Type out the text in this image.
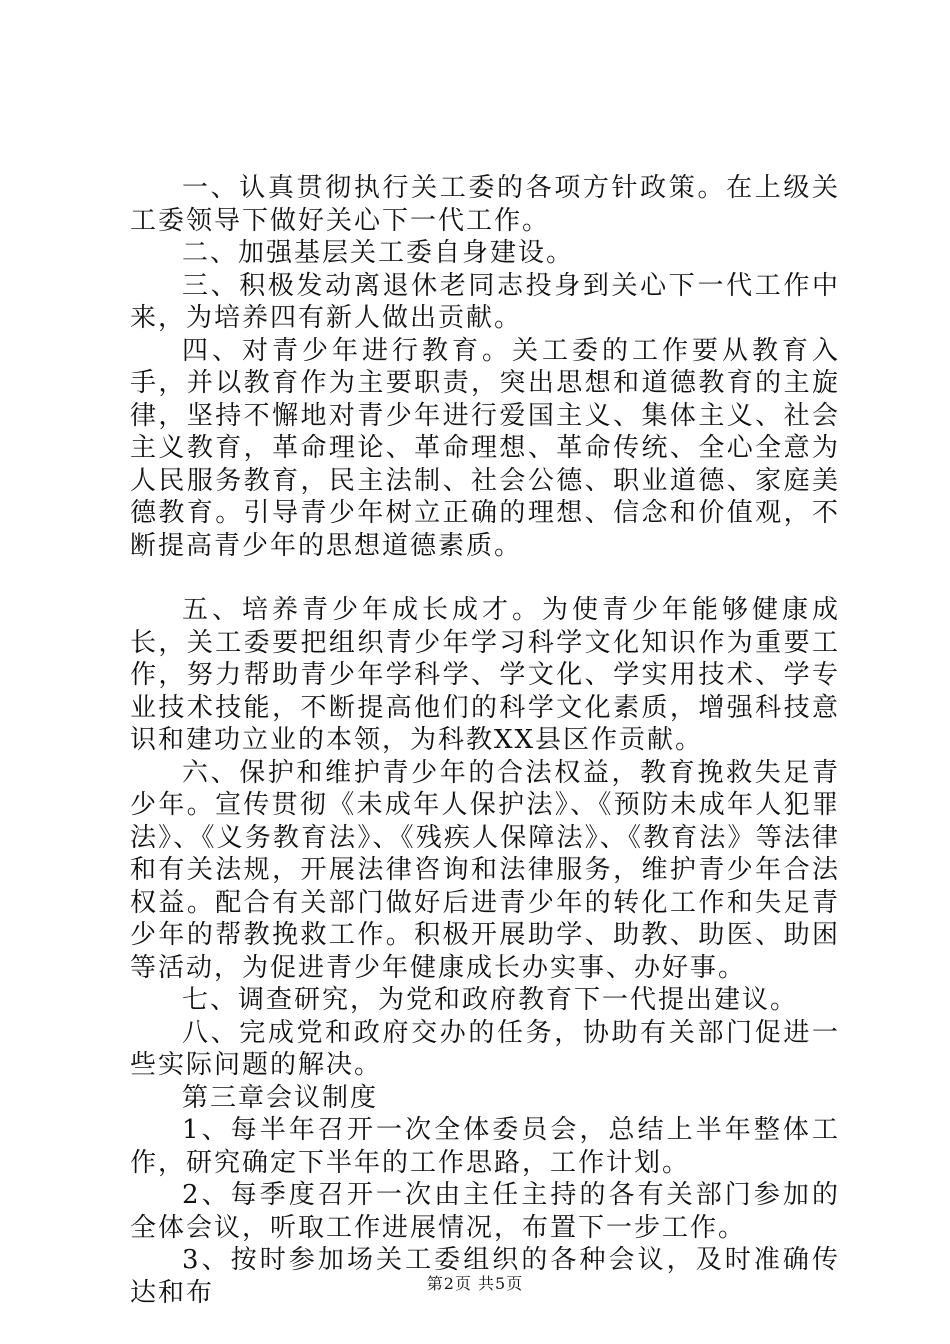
一、认真贯彻执行关工委的各项方针政策。在上级关工委领导下做好关心下一代工作。

二、加强基层关工委自身建设。

三、积极发动离退休老同志投身到关心下一代工作中来，为培养四有新人做出贡献。

四、对青少年进行教育。关工委的工作要从教育入手，并以教育作为主要职责，突出思想和道德教育的主旋律，坚持不懈地对青少年进行爱国主义、集体主义、社会主义教育，革命理论、革命理想、革命传统、全心全意为人民服务教育，民主法制、社会公德、职业道德、家庭美德教育。引导青少年树立正确的理想、信念和价值观，不断提高青少年的思想道德素质。

五、培养青少年成长成才。为使青少年能够健康成长，关工委要把组织青少年学习科学文化知识作为重要工作，努力帮助青少年学科学、学文化、学实用技术、学专业技术技能，不断提高他们的科学文化素质，增强科技意识和建功立业的本领，为科教XX县区作贡献。

六、保护和维护青少年的合法权益，教育挽救失足青少年。宣传贯彻《未成年人保护法》、《预防未成年人犯罪法》、《义务教育法》、《残疾人保障法》、《教育法》等法律和有关法规，开展法律咨询和法律服务，维护青少年合法权益。配合有关部门做好后进青少年的转化工作和失足青少年的帮教挽救工作。积极开展助学、助教、助医、助困等活动，为促进青少年健康成长办实事、办好事。

七、调查研究，为党和政府教育下一代提出建议。

八、完成党和政府交办的任务，协助有关部门促进一些实际问题的解决。

第三章会议制度

1、每半年召开一次全体委员会，总结上半年整体工作，研究确定下半年的工作思路，工作计划。

2、每季度召开一次由主任主持的各有关部门参加的全体会议，听取工作进展情况，布置下一步工作。

3、按时参加场关工委组织的各种会议，及时准确传达和布	第2页 共5页
